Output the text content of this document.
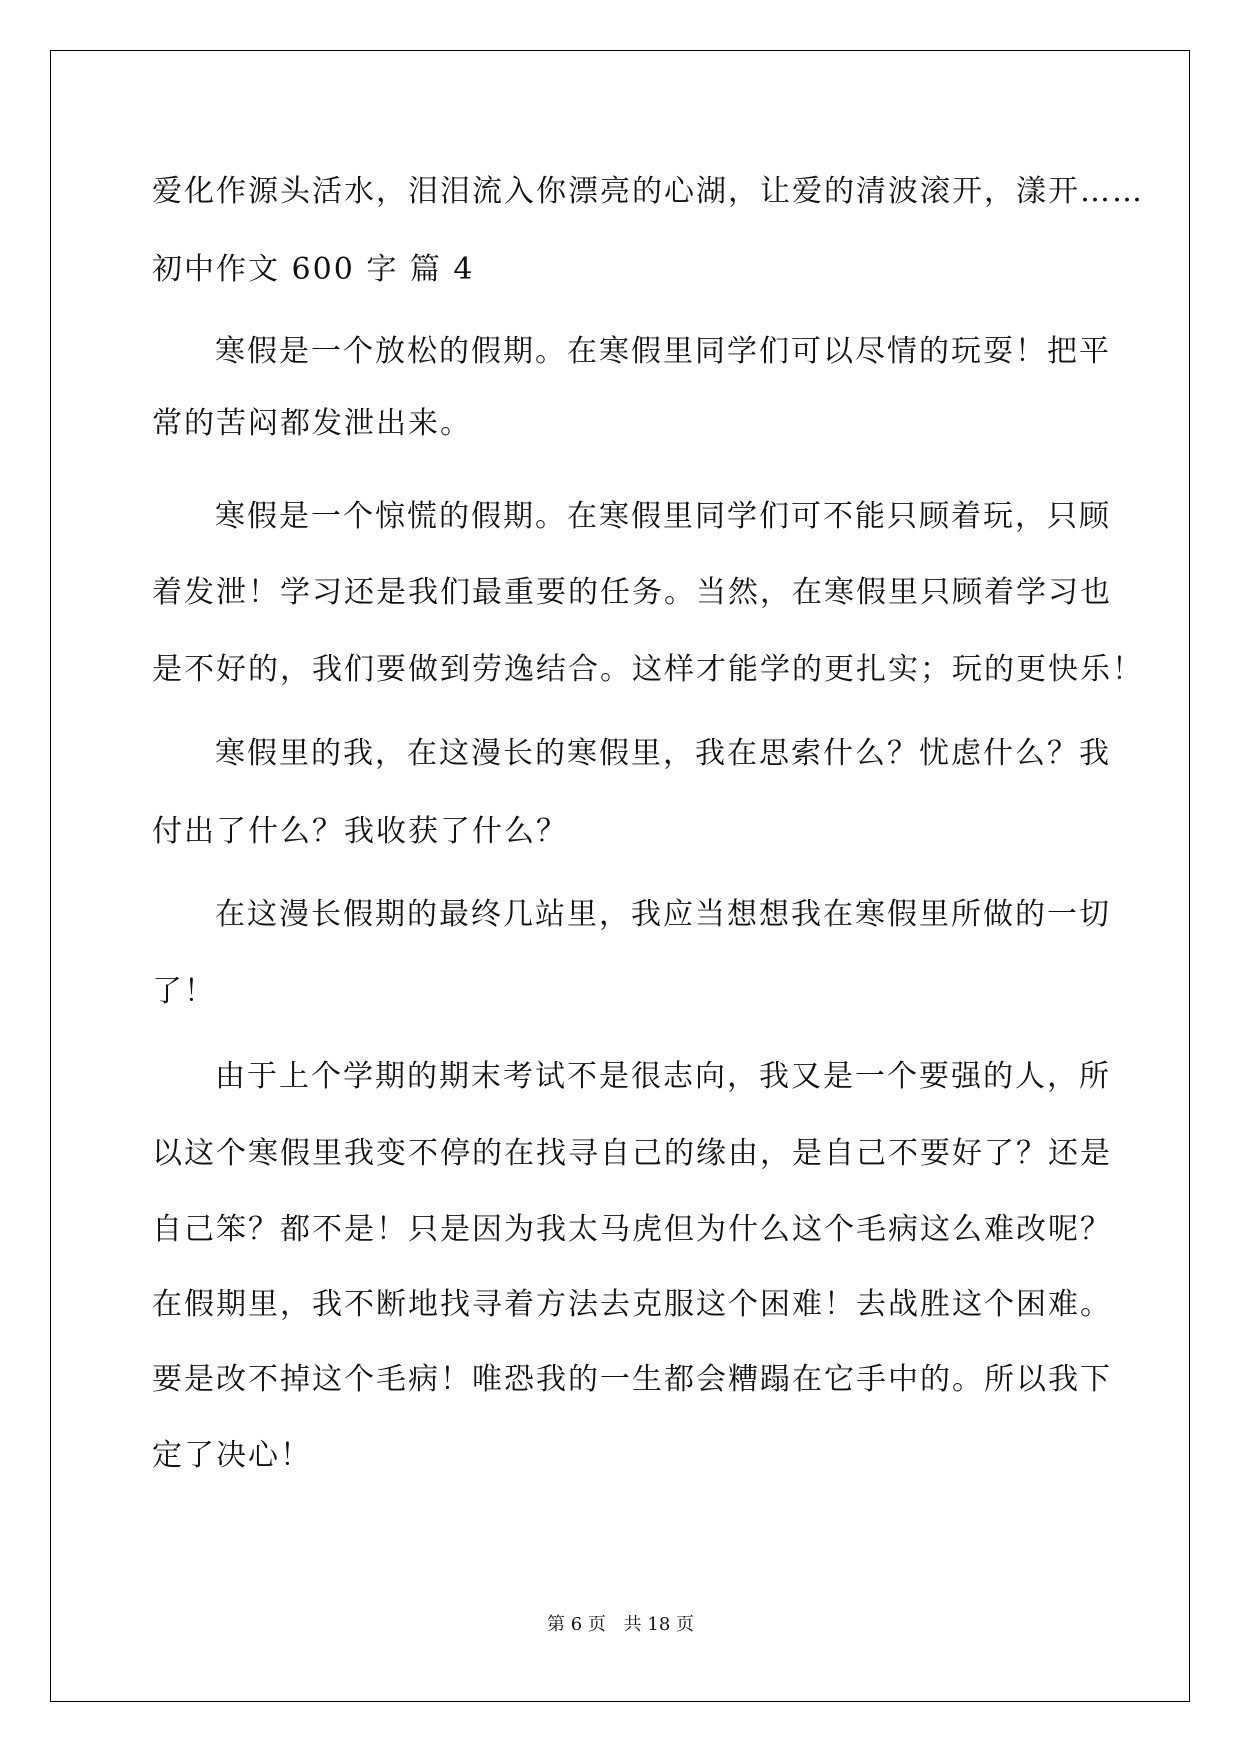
爱化作源头活水，泪泪流入你漂亮的心湖，让爱的清波滚开，漾开……
初中作文 600 字 篇 4
寒假是一个放松的假期。在寒假里同学们可以尽情的玩耍！把平
常的苦闷都发泄出来。
寒假是一个惊慌的假期。在寒假里同学们可不能只顾着玩，只顾
着发泄！学习还是我们最重要的任务。当然，在寒假里只顾着学习也
是不好的，我们要做到劳逸结合。这样才能学的更扎实；玩的更快乐！
寒假里的我，在这漫长的寒假里，我在思索什么？忧虑什么？我
付出了什么？我收获了什么？
在这漫长假期的最终几站里，我应当想想我在寒假里所做的一切
了！
由于上个学期的期末考试不是很志向，我又是一个要强的人，所
以这个寒假里我变不停的在找寻自己的缘由，是自己不要好了？还是
自己笨？都不是！只是因为我太马虎但为什么这个毛病这么难改呢？
在假期里，我不断地找寻着方法去克服这个困难！去战胜这个困难。
要是改不掉这个毛病！唯恐我的一生都会糟蹋在它手中的。所以我下
定了决心！
第 6 页 共 18 页
